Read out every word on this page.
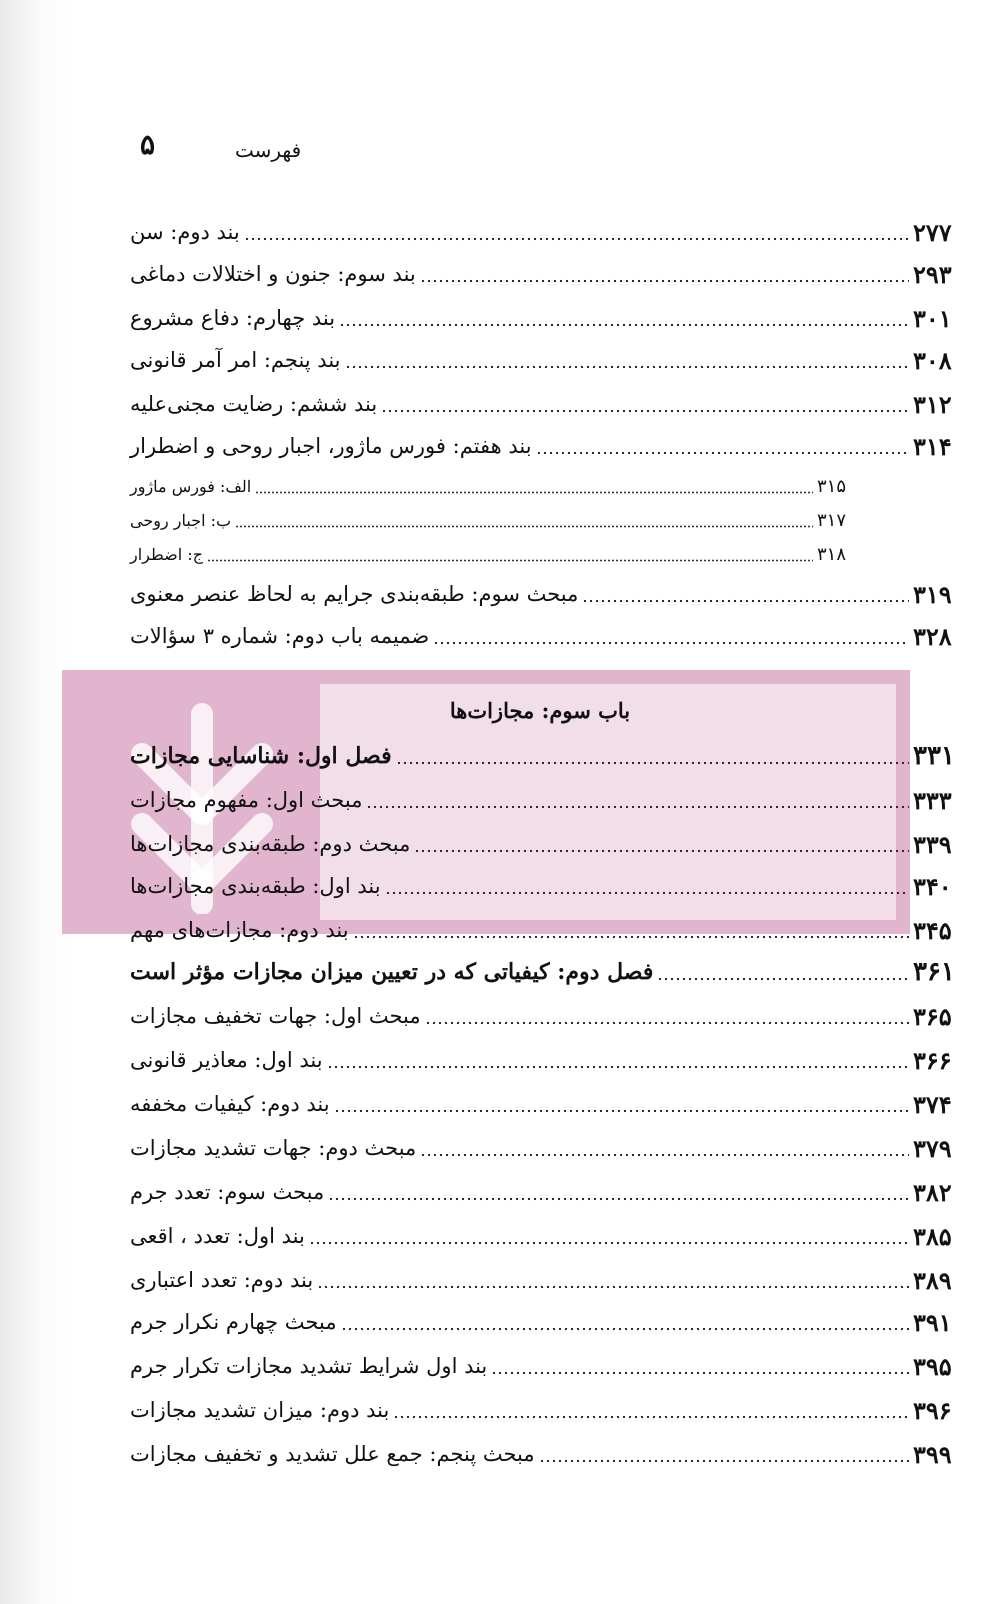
۵	فهرست
باب سوم: مجازات‌ها
بند دوم: سن	۲۷۷
بند سوم: جنون و اختلالات دماغی	۲۹۳
بند چهارم: دفاع مشروع	۳۰۱
بند پنجم: امر آمر قانونی	۳۰۸
بند ششم: رضایت مجنی‌علیه	۳۱۲
بند هفتم: فورس ماژور، اجبار روحی و اضطرار	۳۱۴
الف: فورس ماژور	۳۱۵
ب: اجبار روحی	۳۱۷
ج: اضطرار	۳۱۸
مبحث سوم: طبقه‌بندی جرایم به لحاظ عنصر معنوی	۳۱۹
ضمیمه باب دوم: شماره ۳ سؤالات	۳۲۸
فصل اول: شناسایی مجازات	۳۳۱
مبحث اول: مفهوم مجازات	۳۳۳
مبحث دوم: طبقه‌بندی مجازات‌ها	۳۳۹
بند اول: طبقه‌بندی مجازات‌ها	۳۴۰
بند دوم: مجازات‌های مهم	۳۴۵
فصل دوم: کیفیاتی که در تعیین میزان مجازات مؤثر است	۳۶۱
مبحث اول: جهات تخفیف مجازات	۳۶۵
بند اول: معاذیر قانونی	۳۶۶
بند دوم: کیفیات مخففه	۳۷۴
مبحث دوم: جهات تشدید مجازات	۳۷۹
مبحث سوم: تعدد جرم	۳۸۲
بند اول: تعدد ، اقعی	۳۸۵
بند دوم: تعدد اعتباری	۳۸۹
مبحث چهارم نکرار جرم	۳۹۱
بند اول شرایط تشدید مجازات تکرار جرم	۳۹۵
بند دوم: میزان تشدید مجازات	۳۹۶
مبحث پنجم: جمع علل تشدید و تخفیف مجازات	۳۹۹
